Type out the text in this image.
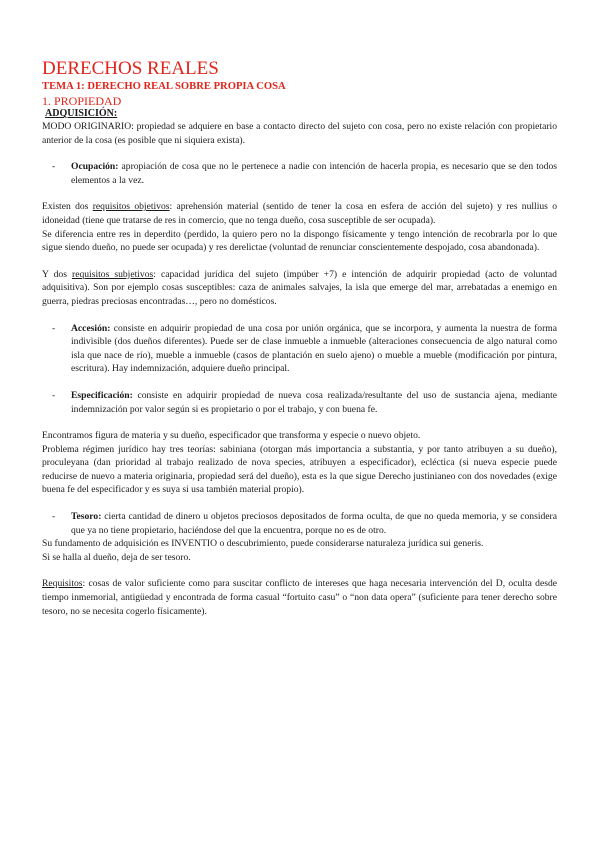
DERECHOS REALES
TEMA 1: DERECHO REAL SOBRE PROPIA COSA
1. PROPIEDAD
ADQUISICIÓN:

MODO ORIGINARIO: propiedad se adquiere en base a contacto directo del sujeto con cosa, pero no existe relación con propietario anterior de la cosa (es posible que ni siquiera exista).

- Ocupación: apropiación de cosa que no le pertenece a nadie con intención de hacerla propia, es necesario que se den todos elementos a la vez.

Existen dos requisitos objetivos: aprehensión material (sentido de tener la cosa en esfera de acción del sujeto) y res nullius o idoneidad (tiene que tratarse de res in comercio, que no tenga dueño, cosa susceptible de ser ocupada).

Se diferencia entre res in deperdito (perdido, la quiero pero no la dispongo físicamente y tengo intención de recobrarla por lo que sigue siendo dueño, no puede ser ocupada) y res derelictae (voluntad de renunciar conscientemente despojado, cosa abandonada).

Y dos requisitos subjetivos: capacidad jurídica del sujeto (impúber +7) e intención de adquirir propiedad (acto de voluntad adquisitiva). Son por ejemplo cosas susceptibles: caza de animales salvajes, la isla que emerge del mar, arrebatadas a enemigo en guerra, piedras preciosas encontradas…, pero no domésticos.

- Accesión: consiste en adquirir propiedad de una cosa por unión orgánica, que se incorpora, y aumenta la nuestra de forma indivisible (dos dueños diferentes). Puede ser de clase inmueble a inmueble (alteraciones consecuencia de algo natural como isla que nace de río), mueble a inmueble (casos de plantación en suelo ajeno) o mueble a mueble (modificación por pintura, escritura). Hay indemnización, adquiere dueño principal.
- Especificación: consiste en adquirir propiedad de nueva cosa realizada/resultante del uso de sustancia ajena, mediante indemnización por valor según si es propietario o por el trabajo, y con buena fe.

Encontramos figura de materia y su dueño, especificador que transforma y especie o nuevo objeto.

Problema régimen jurídico hay tres teorías: sabiniana (otorgan más importancia a substantia, y por tanto atribuyen a su dueño), proculeyana (dan prioridad al trabajo realizado de nova species, atribuyen a especificador), ecléctica (si nueva especie puede reducirse de nuevo a materia originaria, propiedad será del dueño), esta es la que sigue Derecho justinianeo con dos novedades (exige buena fe del especificador y es suya si usa también material propio).

- Tesoro: cierta cantidad de dinero u objetos preciosos depositados de forma oculta, de que no queda memoria, y se considera que ya no tiene propietario, haciéndose del que la encuentra, porque no es de otro.

Su fundamento de adquisición es INVENTIO o descubrimiento, puede considerarse naturaleza jurídica sui generis.

Si se halla al dueño, deja de ser tesoro.

Requisitos: cosas de valor suficiente como para suscitar conflicto de intereses que haga necesaria intervención del D, oculta desde tiempo inmemorial, antigüedad y encontrada de forma casual “fortuito casu” o “non data opera” (suficiente para tener derecho sobre tesoro, no se necesita cogerlo físicamente).
